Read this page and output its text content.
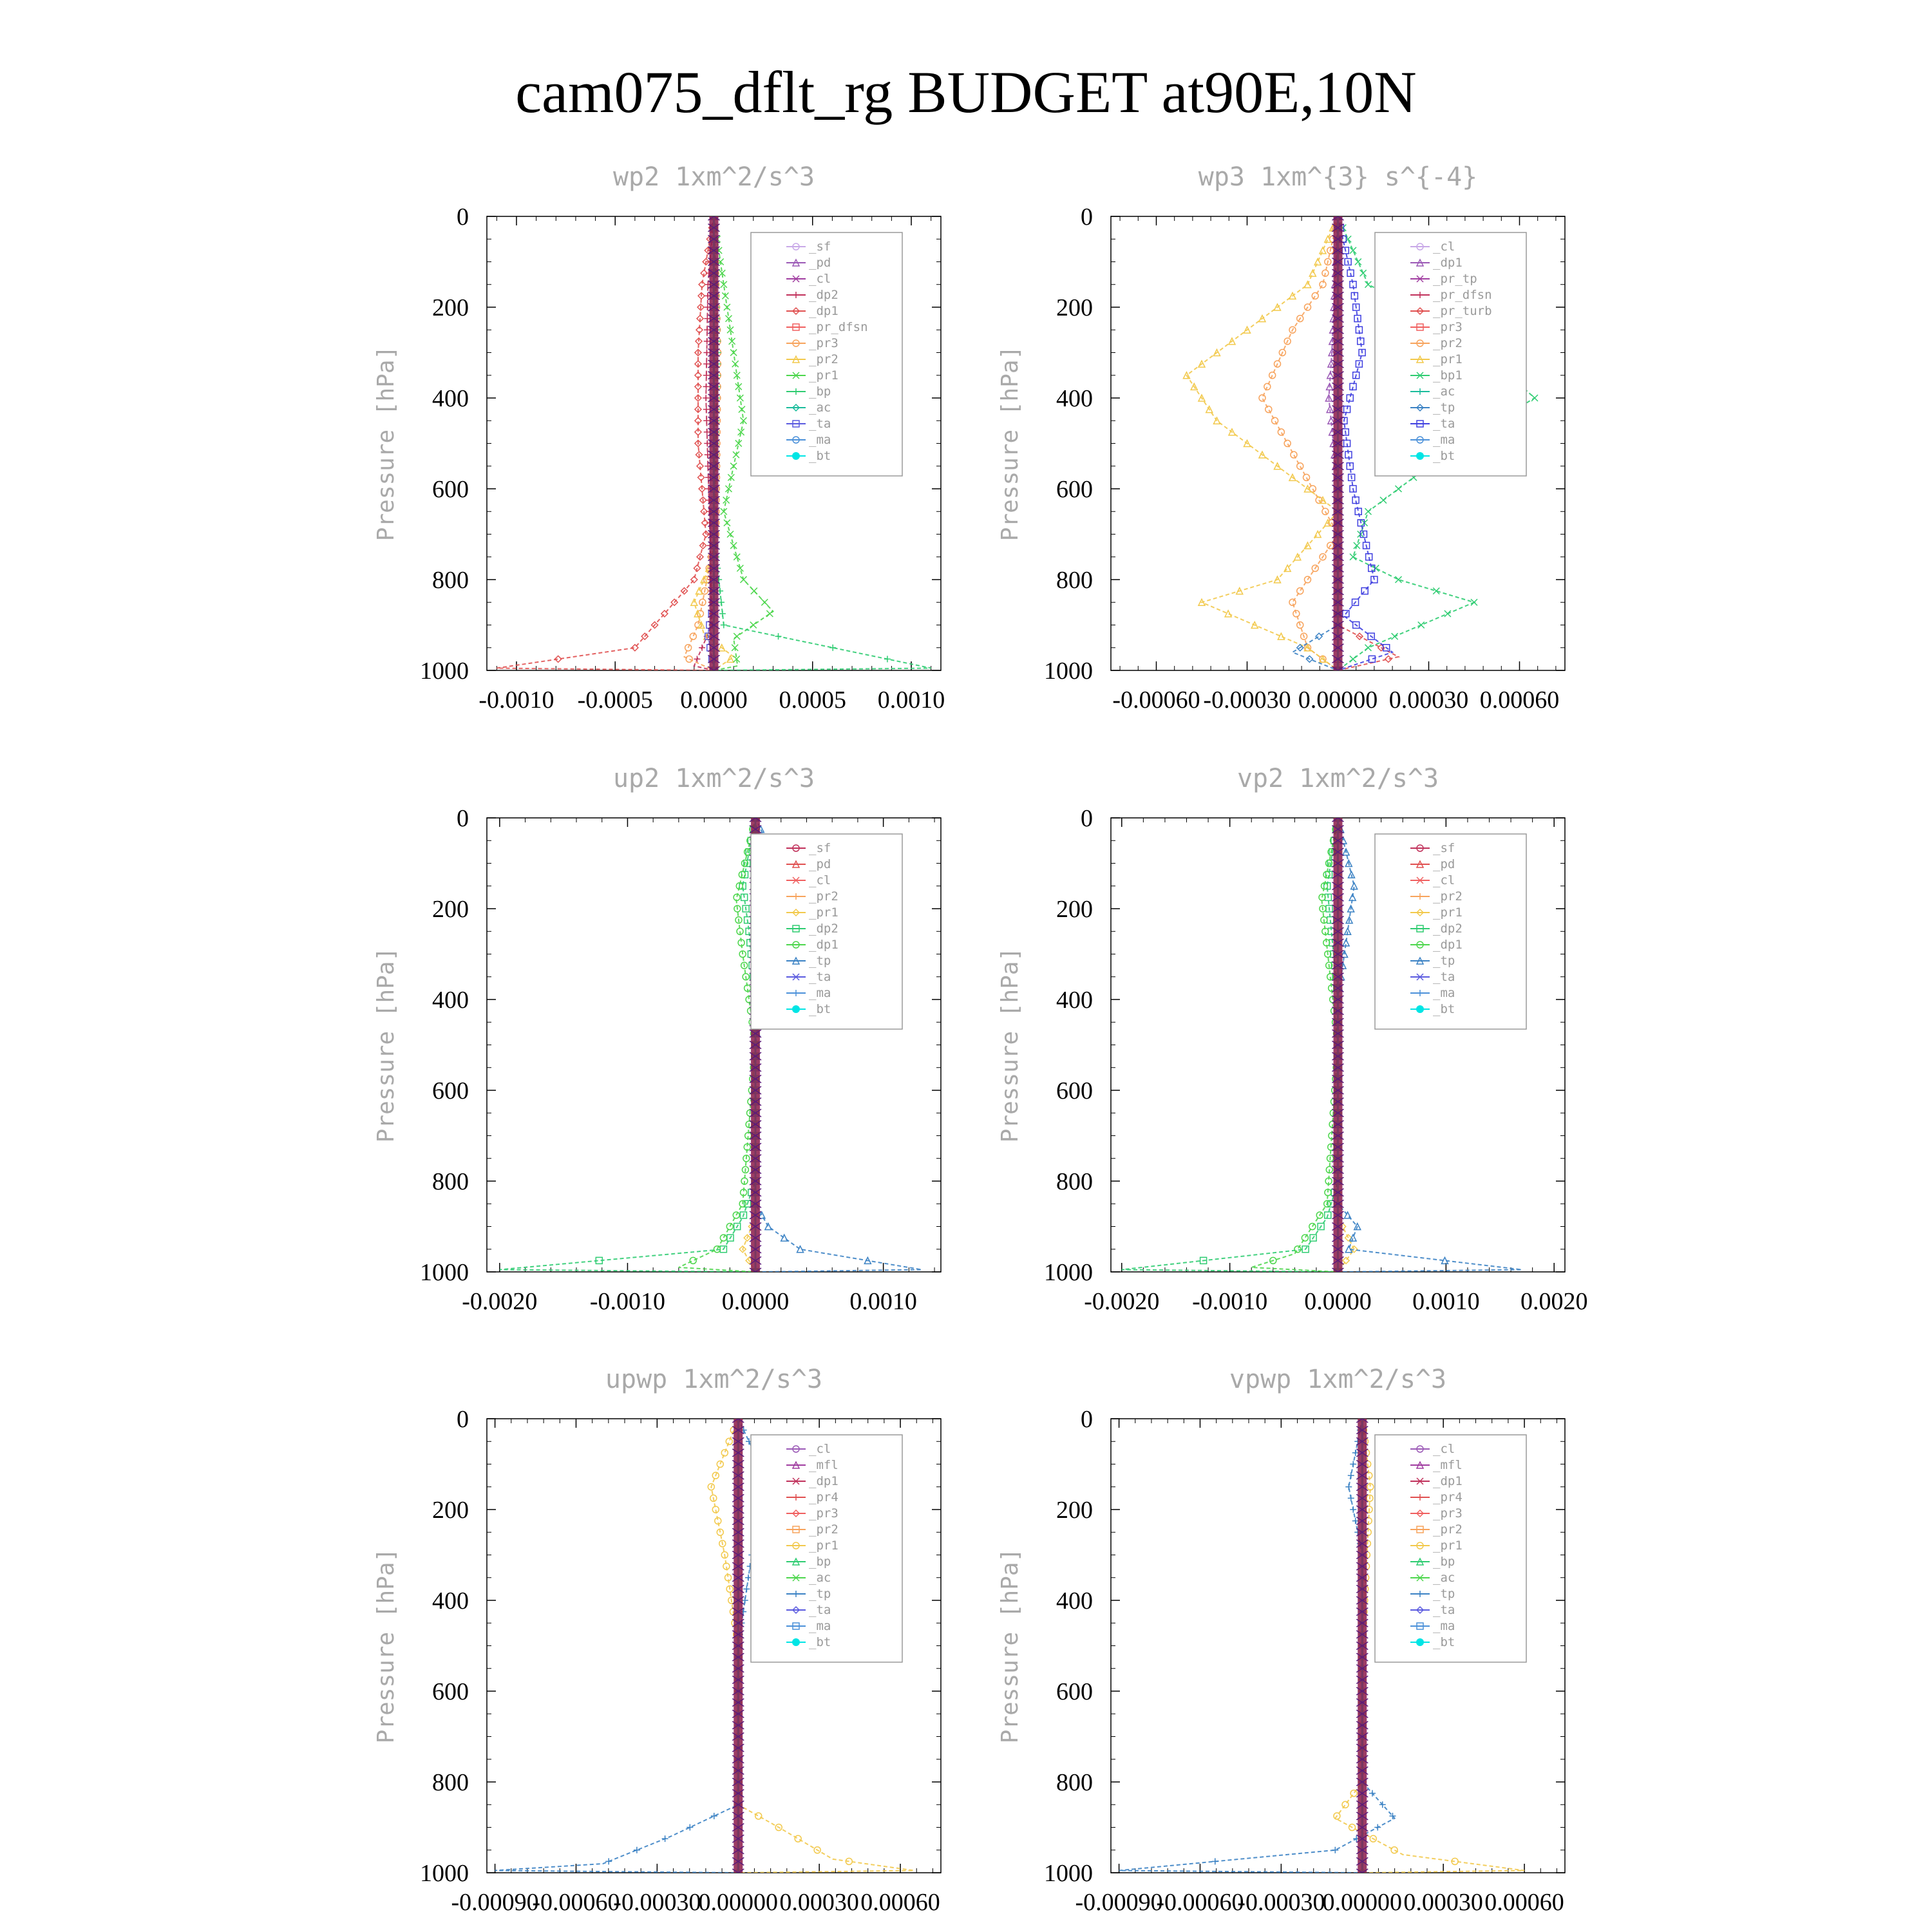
cam075_dflt_rg BUDGET at90E,10N
wp2 1xm^2/s^3
Pressure [hPa]
0
200
400
600
800
1000
-0.0010 -0.0005 0.0000 0.0005 0.0010
_sf
_pd
_cl
_dp2
_dp1
_pr_dfsn
_pr3
_pr2
_pr1
_bp
_ac
_ta
_ma
_bt
wp3 1xm^{3} s^{-4}
Pressure [hPa]
0
200
400
600
800
1000
-0.00060 -0.00030 0.00000 0.00030 0.00060
_cl
_dp1
_pr_tp
_pr_dfsn
_pr_turb
_pr3
_pr2
_pr1
_bp1
_ac
_tp
_ta
_ma
_bt
up2 1xm^2/s^3
Pressure [hPa]
0
200
400
600
800
1000
-0.0020 -0.0010 0.0000 0.0010
_sf
_pd
_cl
_pr2
_pr1
_dp2
_dp1
_tp
_ta
_ma
_bt
vp2 1xm^2/s^3
Pressure [hPa]
0
200
400
600
800
1000
-0.0020 -0.0010 0.0000 0.0010 0.0020
_sf
_pd
_cl
_pr2
_pr1
_dp2
_dp1
_tp
_ta
_ma
_bt
upwp 1xm^2/s^3
Pressure [hPa]
0
200
400
600
800
1000
-0.00090
-0.00060
-0.00030
0.00000 0.00030 0.00060
_cl
_mfl
_dp1
_pr4
_pr3
_pr2
_pr1
_bp
_ac
_tp
_ta
_ma
_bt
vpwp 1xm^2/s^3
Pressure [hPa]
0
200
400
600
800
1000
-0.00090
-0.00060
-0.00030
0.00000 0.00030 0.00060
_cl
_mfl
_dp1
_pr4
_pr3
_pr2
_pr1
_bp
_ac
_tp
_ta
_ma
_bt
